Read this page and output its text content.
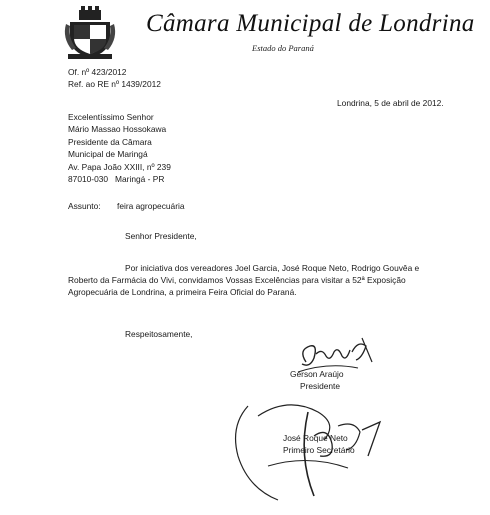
Câmara Municipal de Londrina
Estado do Paraná
Of. nº 423/2012
Ref. ao RE nº 1439/2012
Londrina, 5 de abril de 2012.
Excelentíssimo Senhor
Mário Massao Hossokawa
Presidente da Câmara
Municipal de Maringá
Av. Papa João XXIII, nº 239
87010-030   Maringá - PR
Assunto: feira agropecuária
Senhor Presidente,
Por iniciativa dos vereadores Joel Garcia, José Roque Neto, Rodrigo Gouvêa e
Roberto da Farmácia do Vivi, convidamos Vossas Excelências para visitar a 52ª Exposição
Agropecuária de Londrina, a primeira Feira Oficial do Paraná.
Respeitosamente,
Gerson Araújo
Presidente
José Roque Neto
Primeiro Secretário
